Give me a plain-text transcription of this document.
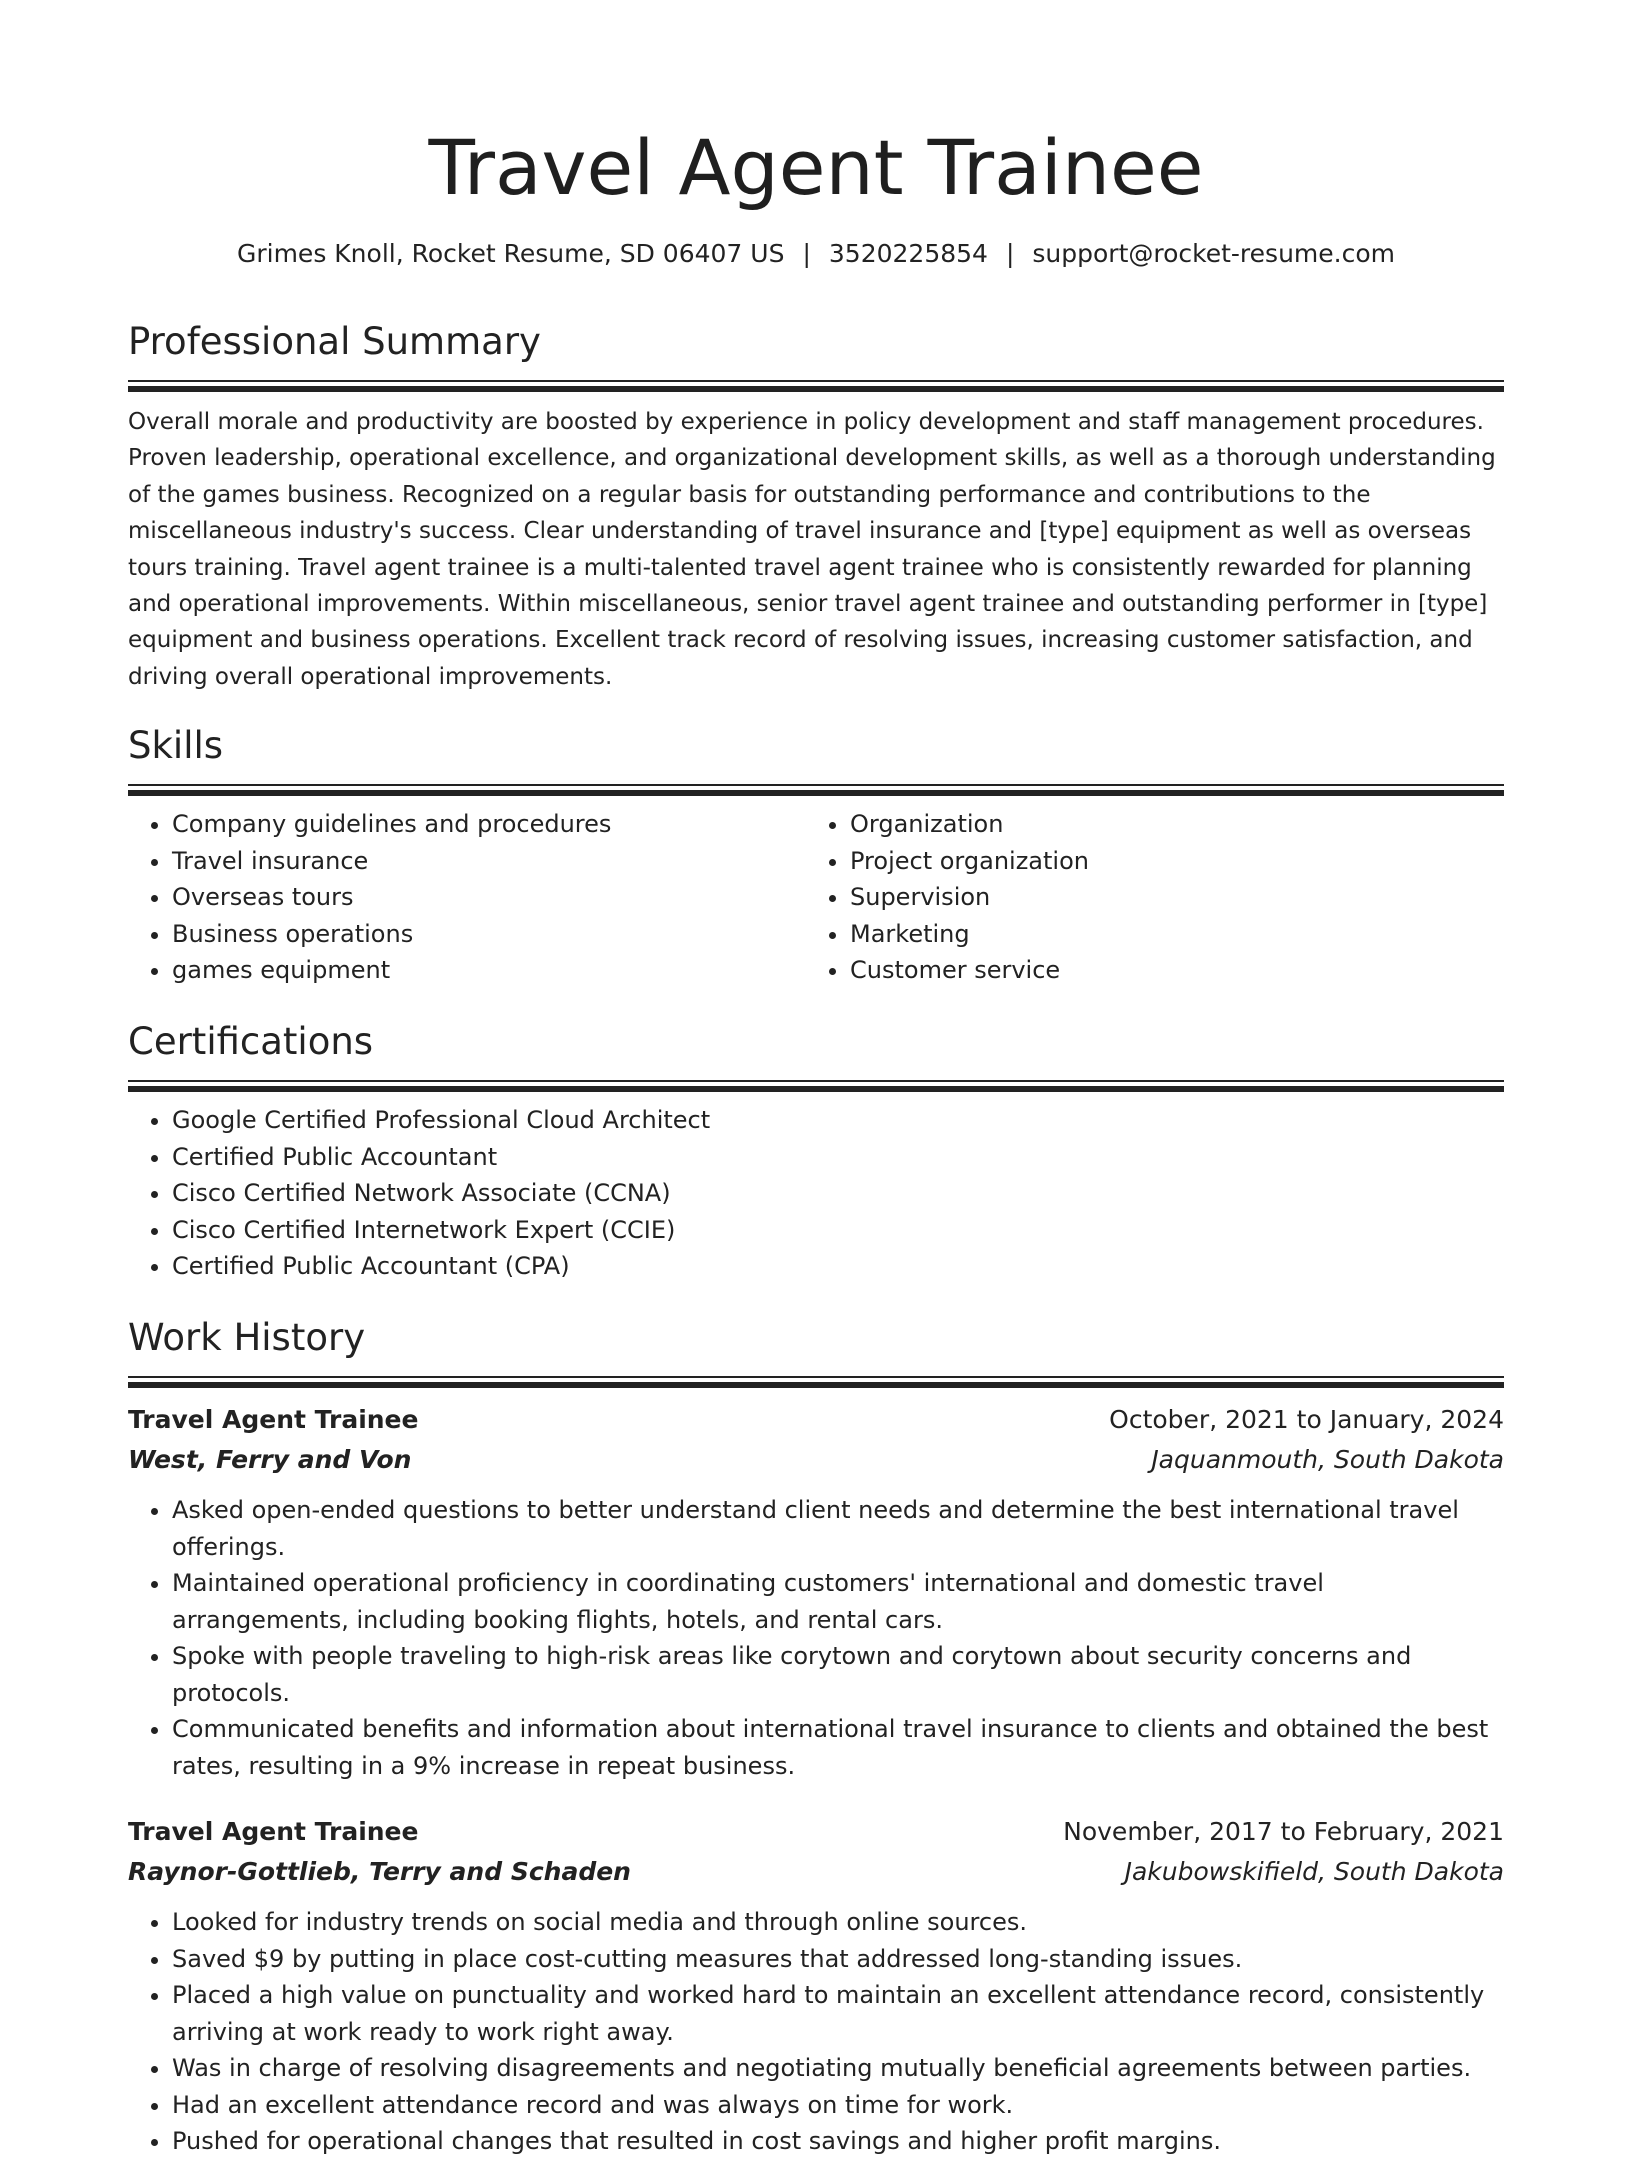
Travel Agent Trainee
Grimes Knoll, Rocket Resume, SD 06407 US | 3520225854 | support@rocket-resume.com
Professional Summary
Overall morale and productivity are boosted by experience in policy development and staff management procedures. Proven leadership, operational excellence, and organizational development skills, as well as a thorough understanding of the games business. Recognized on a regular basis for outstanding performance and contributions to the miscellaneous industry's success. Clear understanding of travel insurance and [type] equipment as well as overseas tours training. Travel agent trainee is a multi-talented travel agent trainee who is consistently rewarded for planning and operational improvements. Within miscellaneous, senior travel agent trainee and outstanding performer in [type] equipment and business operations. Excellent track record of resolving issues, increasing customer satisfaction, and driving overall operational improvements.
Skills
• Company guidelines and procedures
• Travel insurance
• Overseas tours
• Business operations
• games equipment
• Organization
• Project organization
• Supervision
• Marketing
• Customer service
Certifications
• Google Certified Professional Cloud Architect
• Certified Public Accountant
• Cisco Certified Network Associate (CCNA)
• Cisco Certified Internetwork Expert (CCIE)
• Certified Public Accountant (CPA)
Work History
Travel Agent Trainee	October, 2021 to January, 2024
West, Ferry and Von	Jaquanmouth, South Dakota
• Asked open-ended questions to better understand client needs and determine the best international travel offerings.
• Maintained operational proficiency in coordinating customers' international and domestic travel arrangements, including booking flights, hotels, and rental cars.
• Spoke with people traveling to high-risk areas like corytown and corytown about security concerns and protocols.
• Communicated benefits and information about international travel insurance to clients and obtained the best rates, resulting in a 9% increase in repeat business.
Travel Agent Trainee	November, 2017 to February, 2021
Raynor-Gottlieb, Terry and Schaden	Jakubowskifield, South Dakota
• Looked for industry trends on social media and through online sources.
• Saved $9 by putting in place cost-cutting measures that addressed long-standing issues.
• Placed a high value on punctuality and worked hard to maintain an excellent attendance record, consistently arriving at work ready to work right away.
• Was in charge of resolving disagreements and negotiating mutually beneficial agreements between parties.
• Had an excellent attendance record and was always on time for work.
• Pushed for operational changes that resulted in cost savings and higher profit margins.
